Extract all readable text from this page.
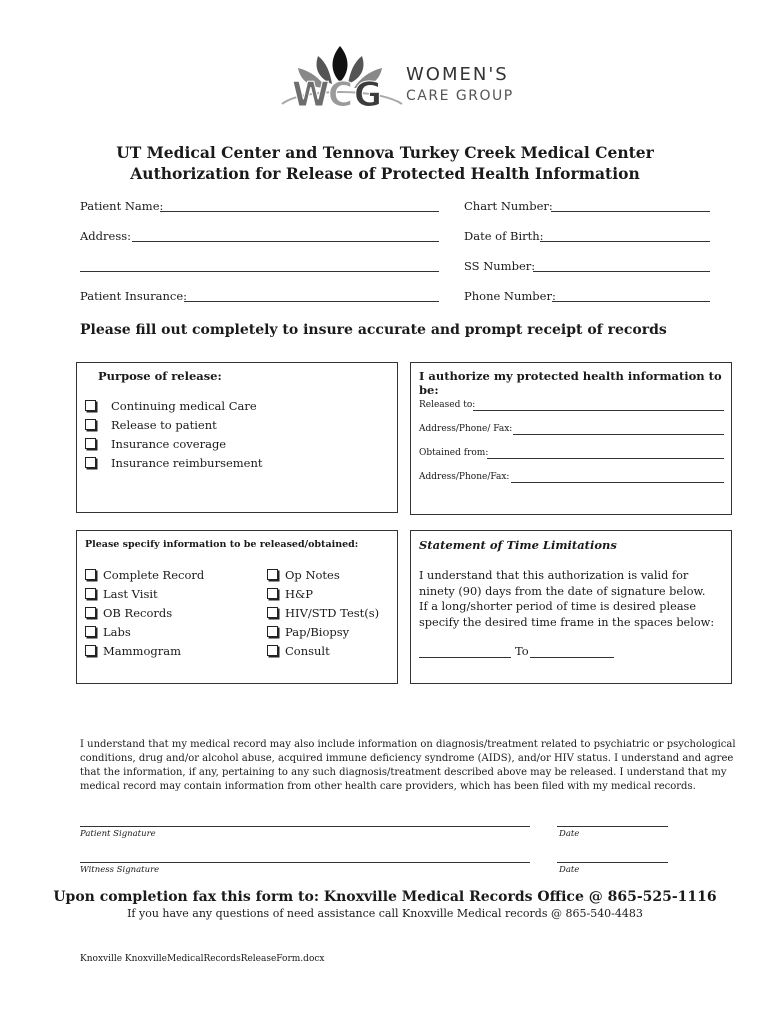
W
C G
WOMEN'S
CARE GROUP
UT Medical Center and Tennova Turkey Creek Medical Center
Authorization for Release of Protected Health Information
Patient Name:	Chart Number:
Address:	Date of Birth:
SS Number:
Patient Insurance:	Phone Number:
Please fill out completely to insure accurate and prompt receipt of records
Purpose of release:
Continuing medical Care
Release to patient
Insurance coverage
Insurance reimbursement
I authorize my protected health information to be:
Released to:
Address/Phone/ Fax:
Obtained from:
Address/Phone/Fax:
Please specify information to be released/obtained:
Complete Record
Last Visit
OB Records
Labs
Mammogram
Op Notes
H&P
HIV/STD Test(s)
Pap/Biopsy
Consult
Statement of Time Limitations
I understand that this authorization is valid for
ninety (90) days from the date of signature below.
If a long/shorter period of time is desired please
specify the desired time frame in the spaces below:
To
I understand that my medical record may also include information on diagnosis/treatment related to psychiatric or psychological
conditions, drug and/or alcohol abuse, acquired immune deficiency syndrome (AIDS), and/or HIV status. I understand and agree
that the information, if any, pertaining to any such diagnosis/treatment described above may be released. I understand that my
medical record may contain information from other health care providers, which has been filed with my medical records.
Patient Signature	Date
Witness Signature	Date
Upon completion fax this form to: Knoxville Medical Records Office @ 865-525-1116
If you have any questions of need assistance call Knoxville Medical records @ 865-540-4483
Knoxville KnoxvilleMedicalRecordsReleaseForm.docx
